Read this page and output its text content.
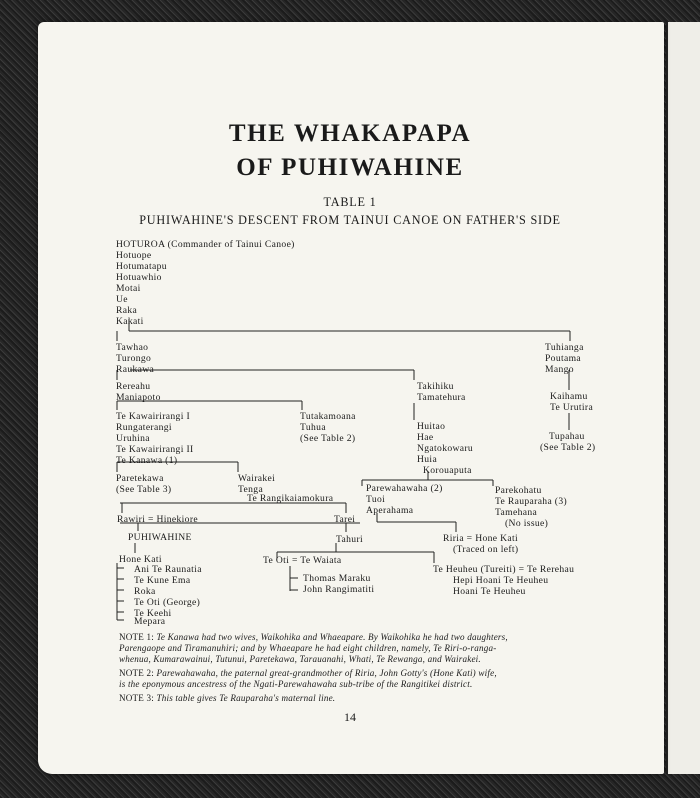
THE WHAKAPAPA
OF PUHIWAHINE
TABLE 1
PUHIWAHINE'S DESCENT FROM TAINUI CANOE ON FATHER'S SIDE
HOTUROA (Commander of Tainui Canoe)
Hotuope
Hotumatapu
Hotuawhio
Motai
Ue
Raka
Kakati
Tawhao
Turongo
Raukawa
Tuhianga
Poutama
Mango
Rereahu
Maniapoto
Takihiku
Tamatehura	Kaihamu
Te Urutira
Te Kawairirangi I
Rungaterangi
Uruhina
Te Kawairirangi II
Te Kanawa (1)
Tutakamoana
Tuhua
(See Table 2)
Huitao
Hae
Ngatokowaru
Huia
Korouaputa
Tupahau
(See Table 2)
Paretekawa
(See Table 3)
Wairakei
Tenga
Te Rangikaiamokura
Parewahawaha (2)
Tuoi
Aperahama
Parekohatu
Te Rauparaha (3)
Tamehana
(No issue)
Rawiri = Hinekiore	Tarei
PUHIWAHINE	Tahuri	Riria = Hone Kati
(Traced on left)
Hone Kati
Ani Te Raunatia
Te Kune Ema
Roka
Te Oti (George)
Te Keehi
Mepara
Te Oti = Te Waiata
Thomas Maraku
John Rangimatiti
Te Heuheu (Tureiti) = Te Rerehau
Hepi Hoani Te Heuheu
Hoani Te Heuheu
NOTE 1: Te Kanawa had two wives, Waikohika and Whaeapare. By Waikohika he had two daughters,
Parengaope and Tiramanuhiri; and by Whaeapare he had eight children, namely, Te Riri-o-ranga-
whenua, Kumarawainui, Tutunui, Paretekawa, Tarauanahi, Whati, Te Rewanga, and Wairakei.
NOTE 2: Parewahawaha, the paternal great-grandmother of Riria, John Gotty's (Hone Kati) wife,
is the eponymous ancestress of the Ngati-Parewahawaha sub-tribe of the Rangitikei district.
NOTE 3: This table gives Te Rauparaha's maternal line.
14
